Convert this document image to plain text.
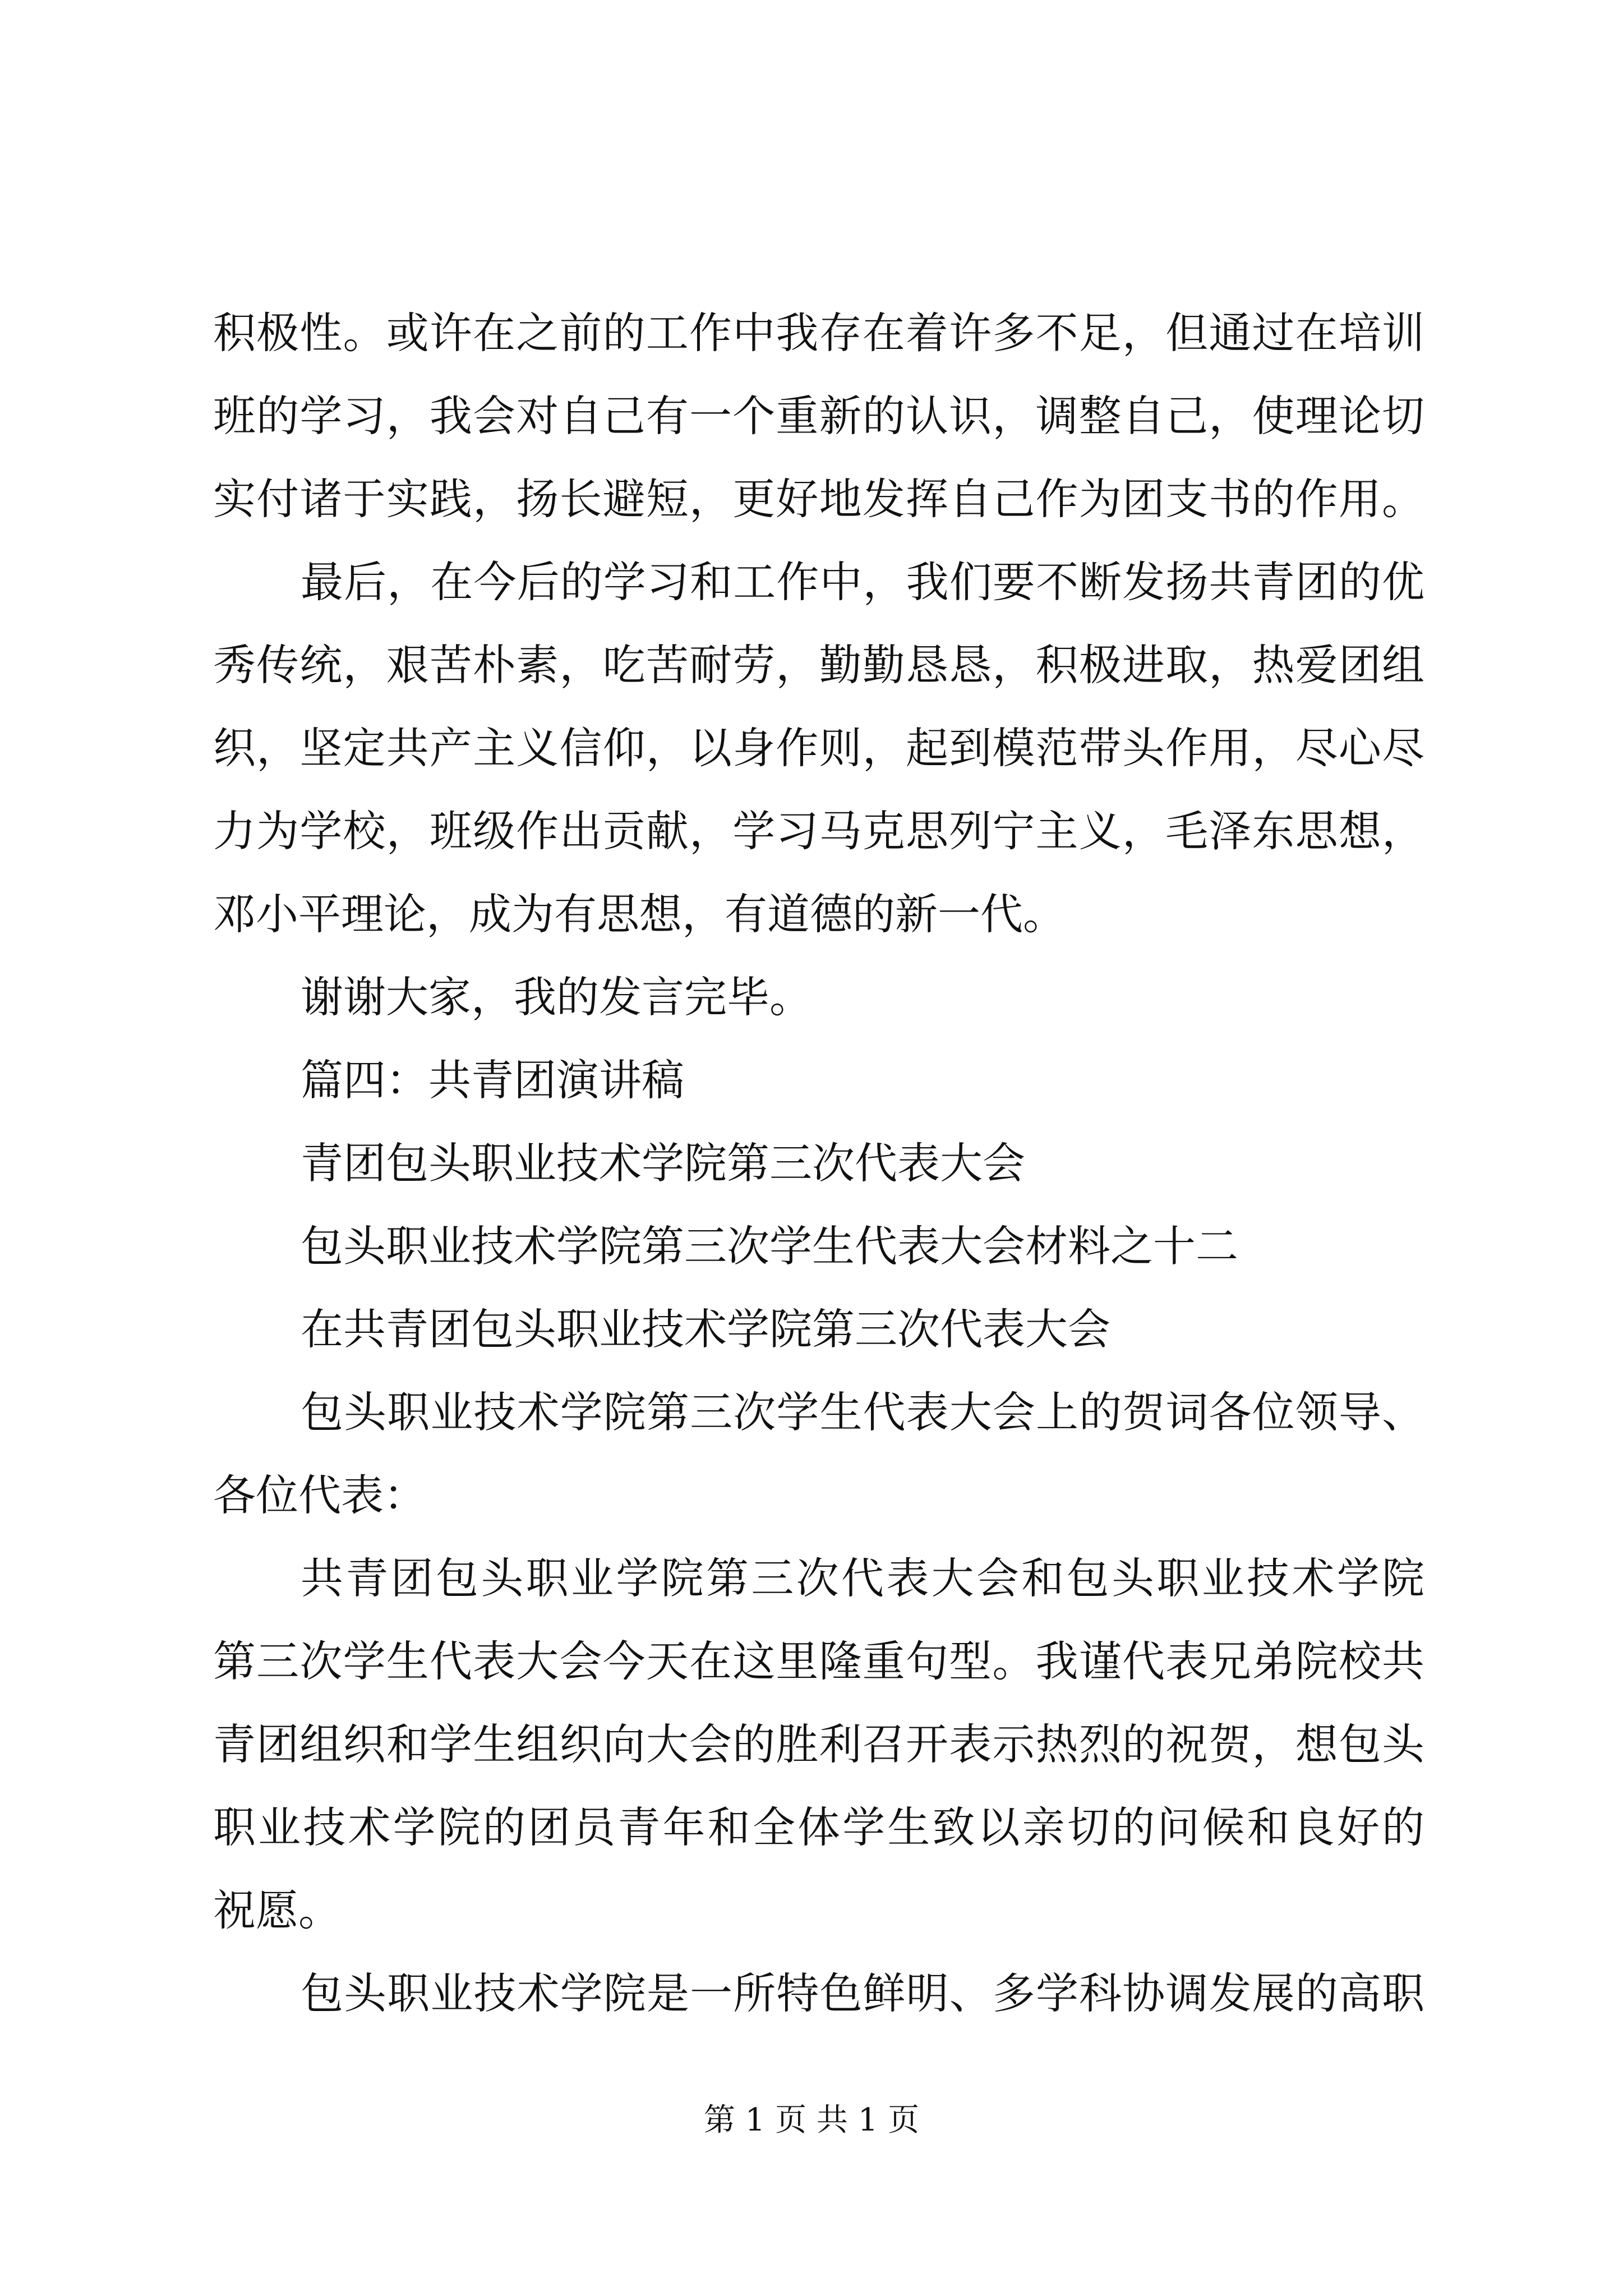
积极性。或许在之前的工作中我存在着许多不足，但通过在培训
班的学习，我会对自己有一个重新的认识，调整自己，使理论切
实付诸于实践，扬长避短，更好地发挥自己作为团支书的作用。
最后，在今后的学习和工作中，我们要不断发扬共青团的优
秀传统，艰苦朴素，吃苦耐劳，勤勤恳恳，积极进取，热爱团组
织，坚定共产主义信仰，以身作则，起到模范带头作用，尽心尽
力为学校，班级作出贡献，学习马克思列宁主义，毛泽东思想，
邓小平理论，成为有思想，有道德的新一代。
谢谢大家，我的发言完毕。
篇四：共青团演讲稿
青团包头职业技术学院第三次代表大会
包头职业技术学院第三次学生代表大会材料之十二
在共青团包头职业技术学院第三次代表大会
包头职业技术学院第三次学生代表大会上的贺词各位领导、
各位代表：
共青团包头职业学院第三次代表大会和包头职业技术学院
第三次学生代表大会今天在这里隆重句型。我谨代表兄弟院校共
青团组织和学生组织向大会的胜利召开表示热烈的祝贺，想包头
职业技术学院的团员青年和全体学生致以亲切的问候和良好的
祝愿。
包头职业技术学院是一所特色鲜明、多学科协调发展的高职
第 1 页 共 1 页
